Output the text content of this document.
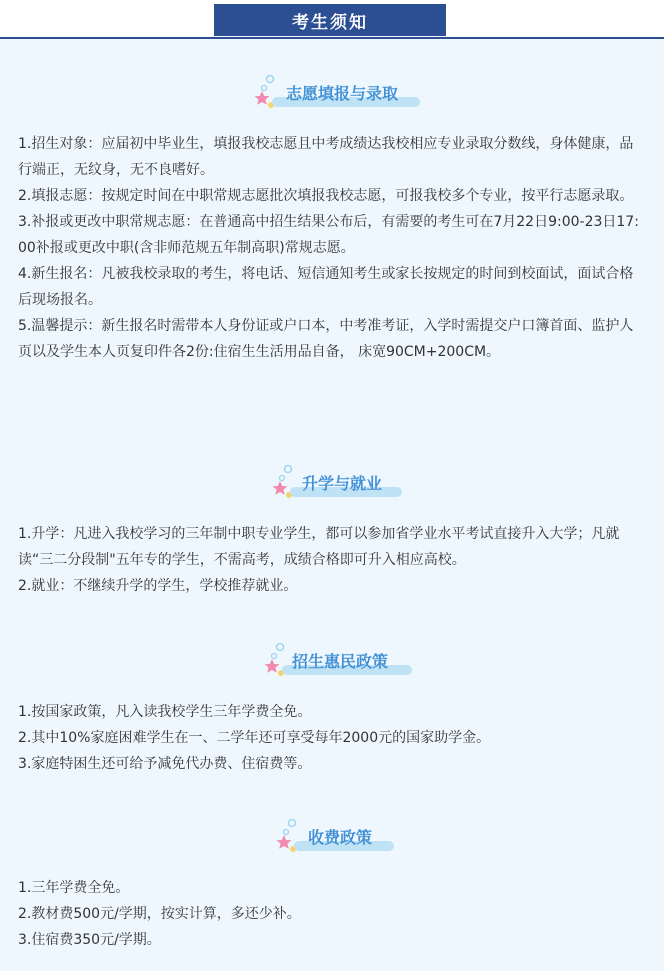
考生须知
志愿填报与录取

1.招生对象：应届初中毕业生，填报我校志愿且中考成绩达我校相应专业录取分数线，身体健康，品行端正，无纹身，无不良嗜好。

2.填报志愿：按规定时间在中职常规志愿批次填报我校志愿，可报我校多个专业，按平行志愿录取。

3.补报或更改中职常规志愿：在普通高中招生结果公布后，有需要的考生可在7月22日9:00-23日17: 00补报或更改中职(含非师范规五年制高职)常规志愿。

4.新生报名：凡被我校录取的考生，将电话、短信通知考生或家长按规定的时间到校面试，面试合格后现场报名。

5.温馨提示：新生报名时需带本人身份证或户口本，中考准考证，入学时需提交户口簿首面、监护人页以及学生本人页复印件各2份:住宿生生活用品自备， 床宽90CM+200CM。

升学与就业

1.升学：凡进入我校学习的三年制中职专业学生，都可以参加省学业水平考试直接升入大学；凡就读“三二分段制"五年专的学生，不需高考，成绩合格即可升入相应高校。

2.就业：不继续升学的学生，学校推荐就业。

招生惠民政策

1.按国家政策，凡入读我校学生三年学费全免。

2.其中10%家庭困难学生在一、二学年还可享受每年2000元的国家助学金。

3.家庭特困生还可给予减免代办费、住宿费等。

收费政策

1.三年学费全免。

2.教材费500元/学期，按实计算，多还少补。

3.住宿费350元/学期。
